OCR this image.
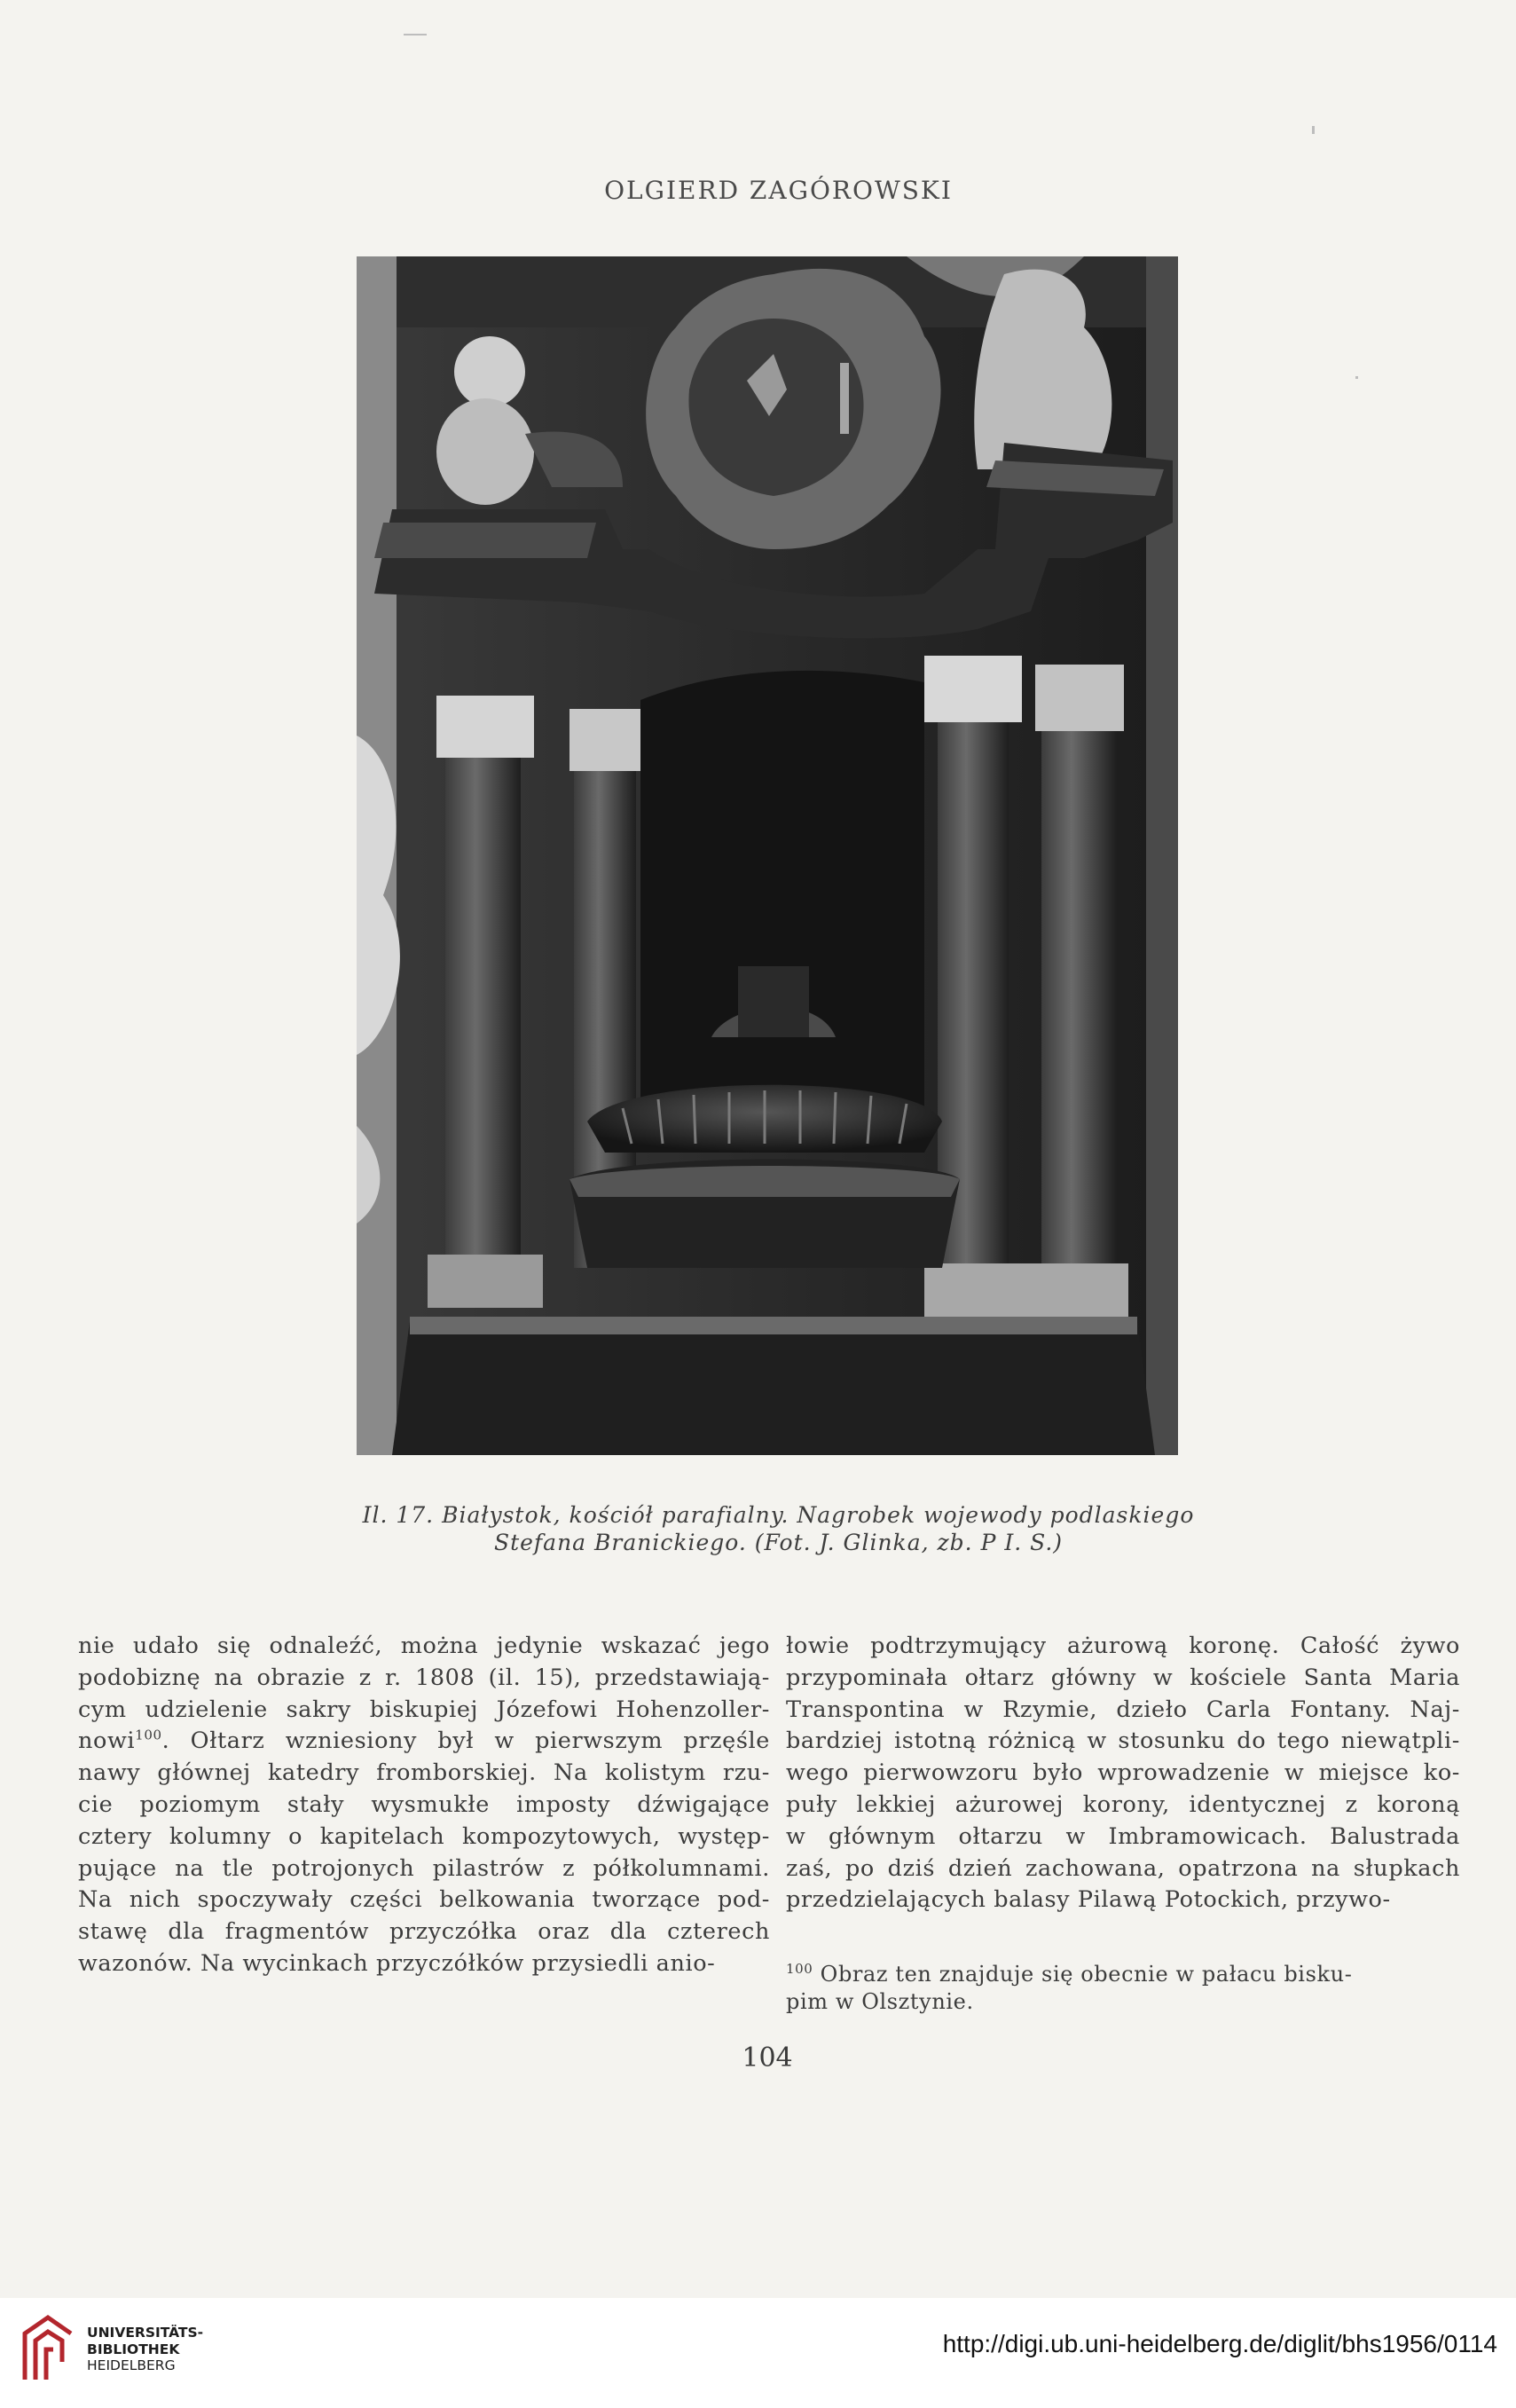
OLGIERD ZAGÓROWSKI
Il. 17. Białystok, kościół parafialny. Nagrobek wojewody podlaskiego
Stefana Branickiego. (Fot. J. Glinka, zb. P I. S.)
nie udało się odnaleźć, można jedynie wskazać jego
podobiznę na obrazie z r. 1808 (il. 15), przedstawiają-
cym udzielenie sakry biskupiej Józefowi Hohenzoller-
nowi$^{100}$. Ołtarz wzniesiony był w pierwszym przęśle
nawy głównej katedry fromborskiej. Na kolistym rzu-
cie poziomym stały wysmukłe imposty dźwigające
cztery kolumny o kapitelach kompozytowych, występ-
pujące na tle potrojonych pilastrów z półkolumnami.
Na nich spoczywały części belkowania tworzące pod-
stawę dla fragmentów przyczółka oraz dla czterech
wazonów. Na wycinkach przyczółków przysiedli anio-
łowie podtrzymujący ażurową koronę. Całość żywo
przypominała ołtarz główny w kościele Santa Maria
Transpontina w Rzymie, dzieło Carla Fontany. Naj-
bardziej istotną różnicą w stosunku do tego niewątpli-
wego pierwowzoru było wprowadzenie w miejsce ko-
puły lekkiej ażurowej korony, identycznej z koroną
w głównym ołtarzu w Imbramowicach. Balustrada
zaś, po dziś dzień zachowana, opatrzona na słupkach
przedzielających balasy Pilawą Potockich, przywo-
$^{100}$ Obraz ten znajduje się obecnie w pałacu bisku-
pim w Olsztynie.
104
UNIVERSITÄTS-
BIBLIOTHEK
HEIDELBERG
http://digi.ub.uni-heidelberg.de/diglit/bhs1956/0114
